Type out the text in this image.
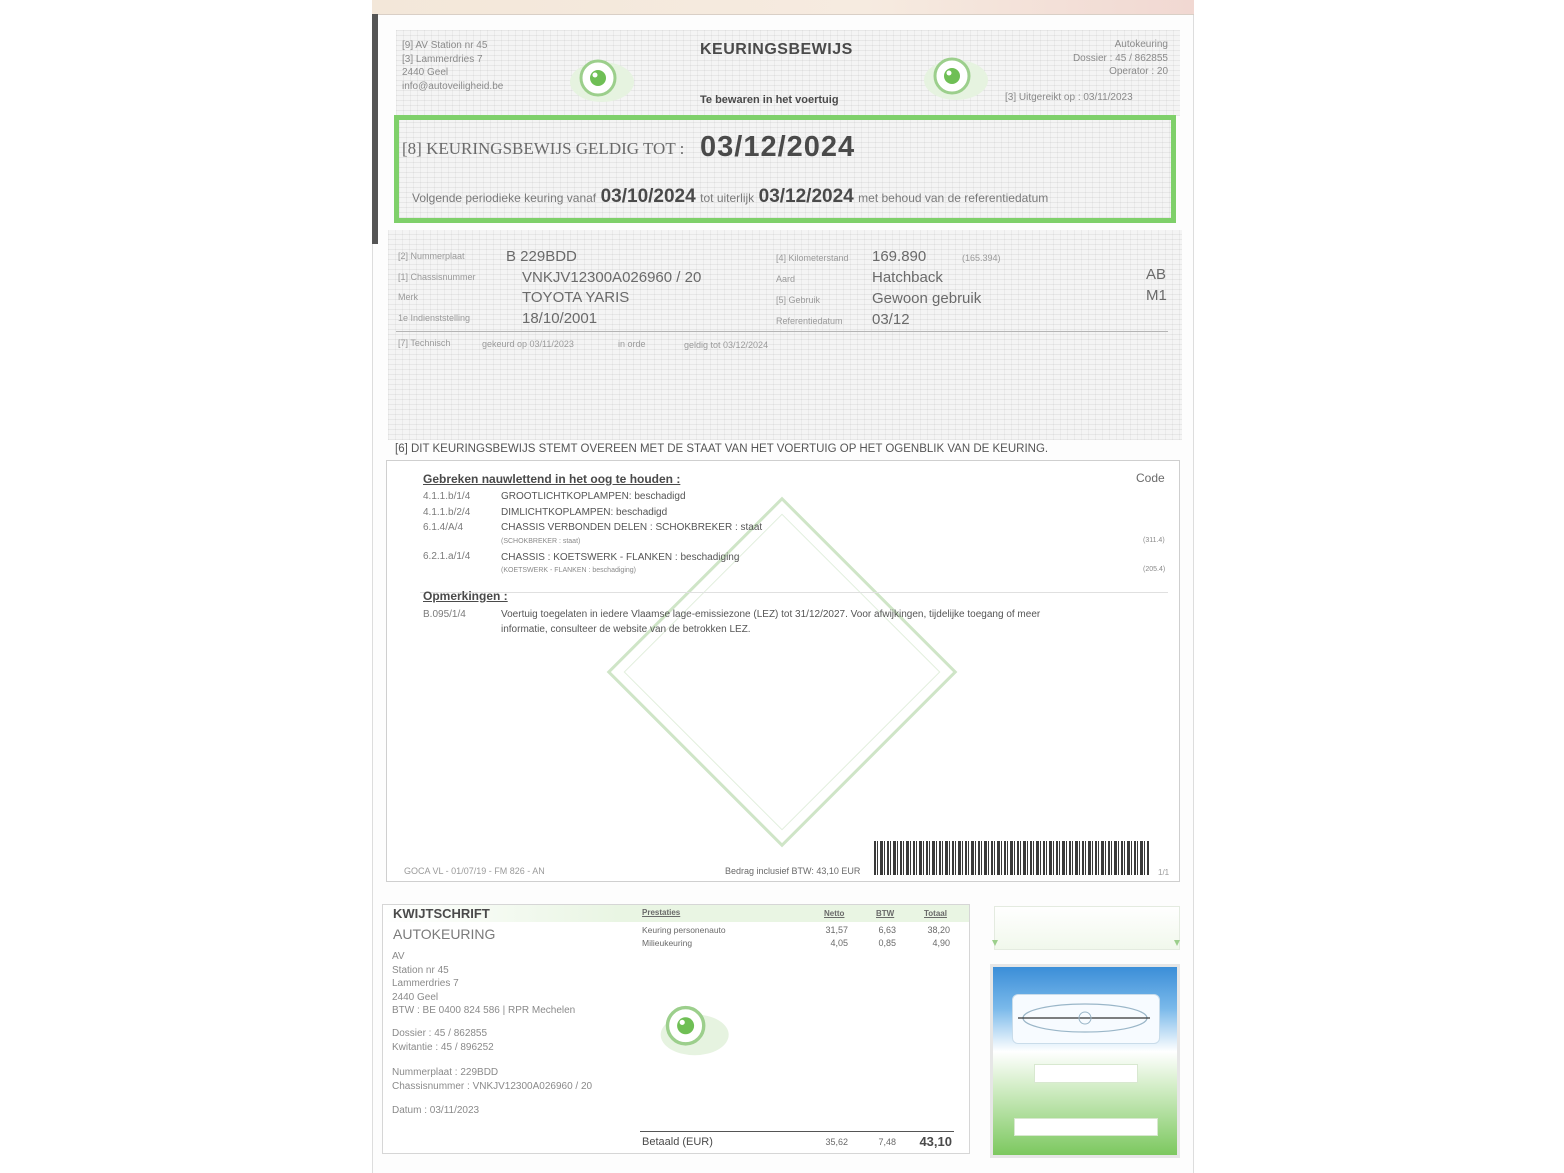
[9] AV Station nr 45
[3] Lammerdries 7
2440 Geel
info@autoveiligheid.be
KEURINGSBEWIJS
Te bewaren in het voertuig
Autokeuring
Dossier : 45 / 862855
Operator : 20
[3] Uitgereikt op : 03/11/2023
[8] KEURINGSBEWIJS GELDIG TOT : 03/12/2024
Volgende periodieke keuring vanaf 03/10/2024 tot uiterlijk 03/12/2024 met behoud van de referentiedatum
[2] Nummerplaat	B 229BDD
[1] Chassisnummer	VNKJV12300A026960 / 20
Merk	TOYOTA YARIS
1e Indienststelling	18/10/2001
[4] Kilometerstand 169.890	(165.394)
Aard	Hatchback	AB
[5] Gebruik	Gewoon gebruik	M1
Referentiedatum 03/12
[7] Technisch	gekeurd op 03/11/2023	in orde	geldig tot 03/12/2024
[6] DIT KEURINGSBEWIJS STEMT OVEREEN MET DE STAAT VAN HET VOERTUIG OP HET OGENBLIK VAN DE KEURING.
Gebreken nauwlettend in het oog te houden :	Code
4.1.1.b/1/4	GROOTLICHTKOPLAMPEN: beschadigd
4.1.1.b/2/4	DIMLICHTKOPLAMPEN: beschadigd
6.1.4/A/4	CHASSIS VERBONDEN DELEN : SCHOKBREKER : staat
(SCHOKBREKER : staat)	(311.4)
6.2.1.a/1/4	CHASSIS : KOETSWERK - FLANKEN : beschadiging
(KOETSWERK - FLANKEN : beschadiging)	(205.4)
Opmerkingen :
B.095/1/4	Voertuig toegelaten in iedere Vlaamse lage-emissiezone (LEZ) tot 31/12/2027. Voor afwijkingen, tijdelijke toegang of meer
informatie, consulteer de website van de betrokken LEZ.
GOCA VL - 01/07/19 - FM 826 - AN	Bedrag inclusief BTW: 43,10 EUR	1/1
KWIJTSCHRIFT
AUTOKEURING
AV
Station nr 45
Lammerdries 7
2440 Geel
BTW : BE 0400 824 586 | RPR Mechelen
Dossier : 45 / 862855
Kwitantie : 45 / 896252
Nummerplaat : 229BDD
Chassisnummer : VNKJV12300A026960 / 20
Datum : 03/11/2023
Prestaties	Netto	BTW	Totaal
Keuring personenauto	31,57	6,63	38,20
Milieukeuring	4,05	0,85	4,90
Betaald (EUR)	35,62	7,48	43,10
